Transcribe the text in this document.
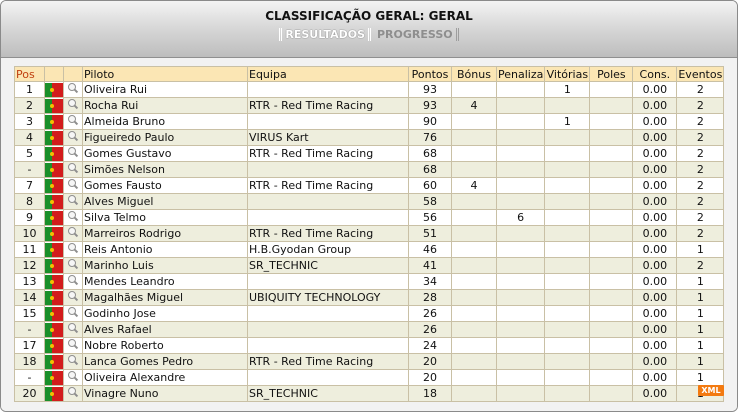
CLASSIFICAÇÃO GERAL: GERAL
RESULTADOS PROGRESSO
Pos			Piloto	Equipa	Pontos	Bónus	Penaliza	Vitórias	Poles	Cons.	Eventos
1			Oliveira Rui		93			1		0.00	2
2			Rocha Rui	RTR - Red Time Racing	93	4				0.00	2
3			Almeida Bruno		90			1		0.00	2
4			Figueiredo Paulo	VIRUS Kart	76					0.00	2
5			Gomes Gustavo	RTR - Red Time Racing	68					0.00	2
-			Simões Nelson		68					0.00	2
7			Gomes Fausto	RTR - Red Time Racing	60	4				0.00	2
8			Alves Miguel		58					0.00	2
9			Silva Telmo		56		6			0.00	2
10			Marreiros Rodrigo	RTR - Red Time Racing	51					0.00	2
11			Reis Antonio	H.B.Gyodan Group	46					0.00	1
12			Marinho Luis	SR_TECHNIC	41					0.00	2
13			Mendes Leandro		34					0.00	1
14			Magalhães Miguel	UBIQUITY TECHNOLOGY	28					0.00	1
15			Godinho Jose		26					0.00	1
-			Alves Rafael		26					0.00	1
17			Nobre Roberto		24					0.00	1
18			Lanca Gomes Pedro	RTR - Red Time Racing	20					0.00	1
-			Oliveira Alexandre		20					0.00	1
20			Vinagre Nuno	SR_TECHNIC	18					0.00		XML
